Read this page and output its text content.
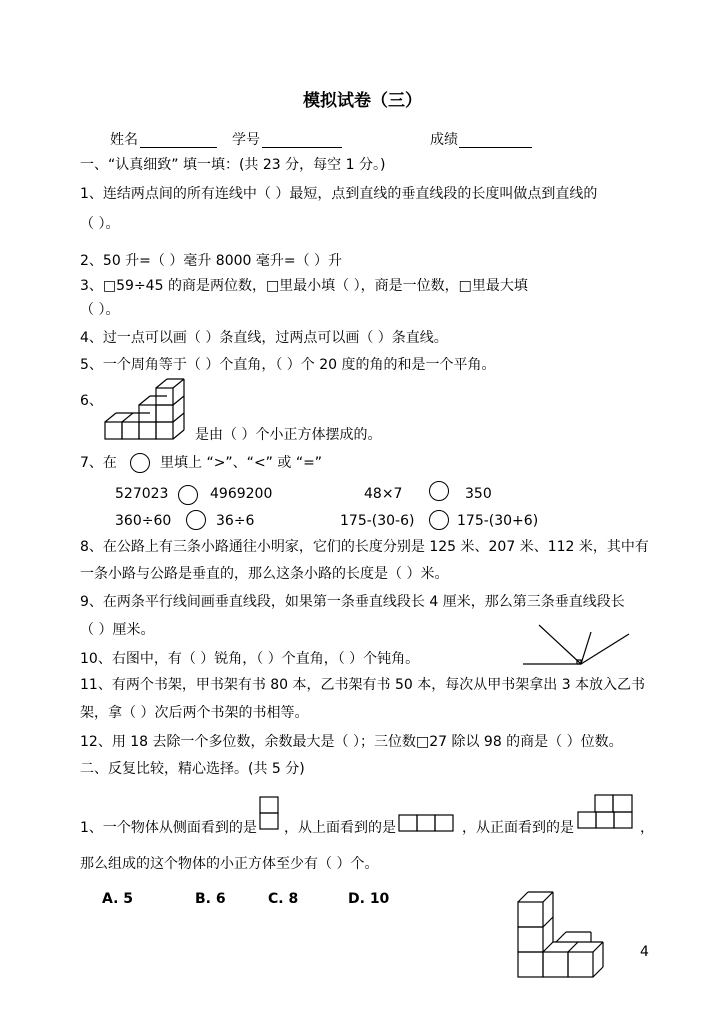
模拟试卷（三）
姓名	学号	成绩
一、“认真细致” 填一填：(共 23 分，每空 1 分。)
1、连结两点间的所有连线中（ ）最短，点到直线的垂直线段的长度叫做点到直线的
（ ）。
2、50 升=（ ）毫升 8000 毫升=（ ）升
3、□59÷45 的商是两位数，□里最小填（ ），商是一位数，□里最大填
（ ）。
4、过一点可以画（ ）条直线，过两点可以画（ ）条直线。
5、一个周角等于（ ）个直角，（ ）个 20 度的角的和是一个平角。
6、
是由（ ）个小正方体摆成的。
7、在	里填上 “>”、“<” 或 “=”
527023	4969200	48×7	350
360÷60	36÷6	175-(30-6)	175-(30+6)
8、在公路上有三条小路通往小明家，它们的长度分别是 125 米、207 米、112 米，其中有
一条小路与公路是垂直的，那么这条小路的长度是（ ）米。
9、在两条平行线间画垂直线段，如果第一条垂直线段长 4 厘米，那么第三条垂直线段长
（ ）厘米。
10、右图中，有（ ）锐角，（ ）个直角，（ ）个钝角。
11、有两个书架，甲书架有书 80 本，乙书架有书 50 本，每次从甲书架拿出 3 本放入乙书
架，拿（ ）次后两个书架的书相等。
12、用 18 去除一个多位数，余数最大是（ ）；三位数□27 除以 98 的商是（ ）位数。
二、反复比较，精心选择。(共 5 分)
1、一个物体从侧面看到的是 ，从上面看到的是	，从正面看到的是	，
那么组成的这个物体的小正方体至少有（ ）个。
A. 5	B. 6	C. 8	D. 10
4
